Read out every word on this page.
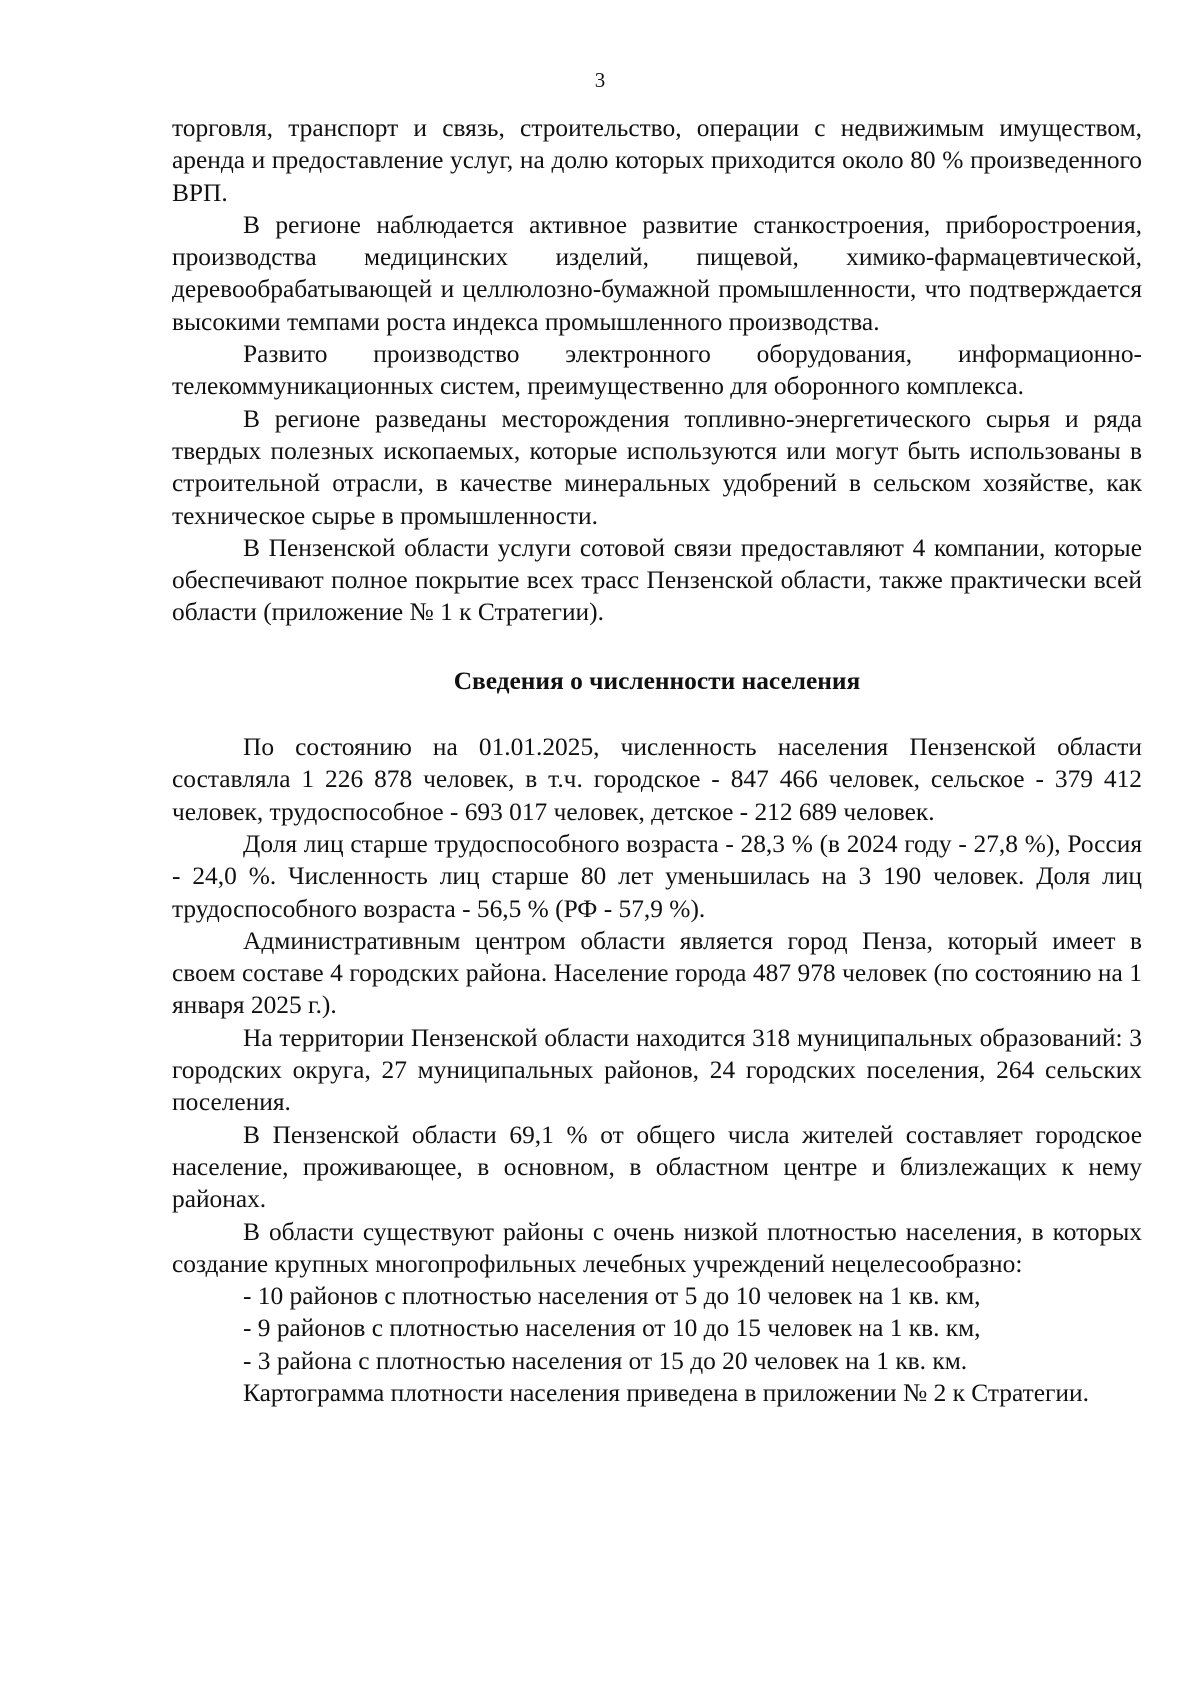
3

торговля, транспорт и связь, строительство, операции с недвижимым имуществом, аренда и предоставление услуг, на долю которых приходится около 80 % произведенного ВРП.

В регионе наблюдается активное развитие станкостроения, приборостроения, производства медицинских изделий, пищевой, химико-фармацевтической, деревообрабатывающей и целлюлозно-бумажной промышленности, что подтверждается высокими темпами роста индекса промышленного производства.

Развито производство электронного оборудования, информационно-телекоммуникационных систем, преимущественно для оборонного комплекса.

В регионе разведаны месторождения топливно-энергетического сырья и ряда твердых полезных ископаемых, которые используются или могут быть использованы в строительной отрасли, в качестве минеральных удобрений в сельском хозяйстве, как техническое сырье в промышленности.

В Пензенской области услуги сотовой связи предоставляют 4 компании, которые обеспечивают полное покрытие всех трасс Пензенской области, также практически всей области (приложение № 1 к Стратегии).

Сведения о численности населения

По состоянию на 01.01.2025, численность населения Пензенской области составляла 1 226 878 человек, в т.ч. городское - 847 466 человек, сельское - 379 412 человек, трудоспособное - 693 017 человек, детское - 212 689 человек.

Доля лиц старше трудоспособного возраста - 28,3 % (в 2024 году - 27,8 %), Россия - 24,0 %. Численность лиц старше 80 лет уменьшилась на 3 190 человек. Доля лиц трудоспособного возраста - 56,5 % (РФ - 57,9 %).

Административным центром области является город Пенза, который имеет в своем составе 4 городских района. Население города 487 978 человек (по состоянию на 1 января 2025 г.).

На территории Пензенской области находится 318 муниципальных образований: 3 городских округа, 27 муниципальных районов, 24 городских поселения, 264 сельских поселения.

В Пензенской области 69,1 % от общего числа жителей составляет городское население, проживающее, в основном, в областном центре и близлежащих к нему районах.

В области существуют районы с очень низкой плотностью населения, в которых создание крупных многопрофильных лечебных учреждений нецелесообразно:

- 10 районов с плотностью населения от 5 до 10 человек на 1 кв. км,

- 9 районов с плотностью населения от 10 до 15 человек на 1 кв. км,

- 3 района с плотностью населения от 15 до 20 человек на 1 кв. км.

Картограмма плотности населения приведена в приложении № 2 к Стратегии.
